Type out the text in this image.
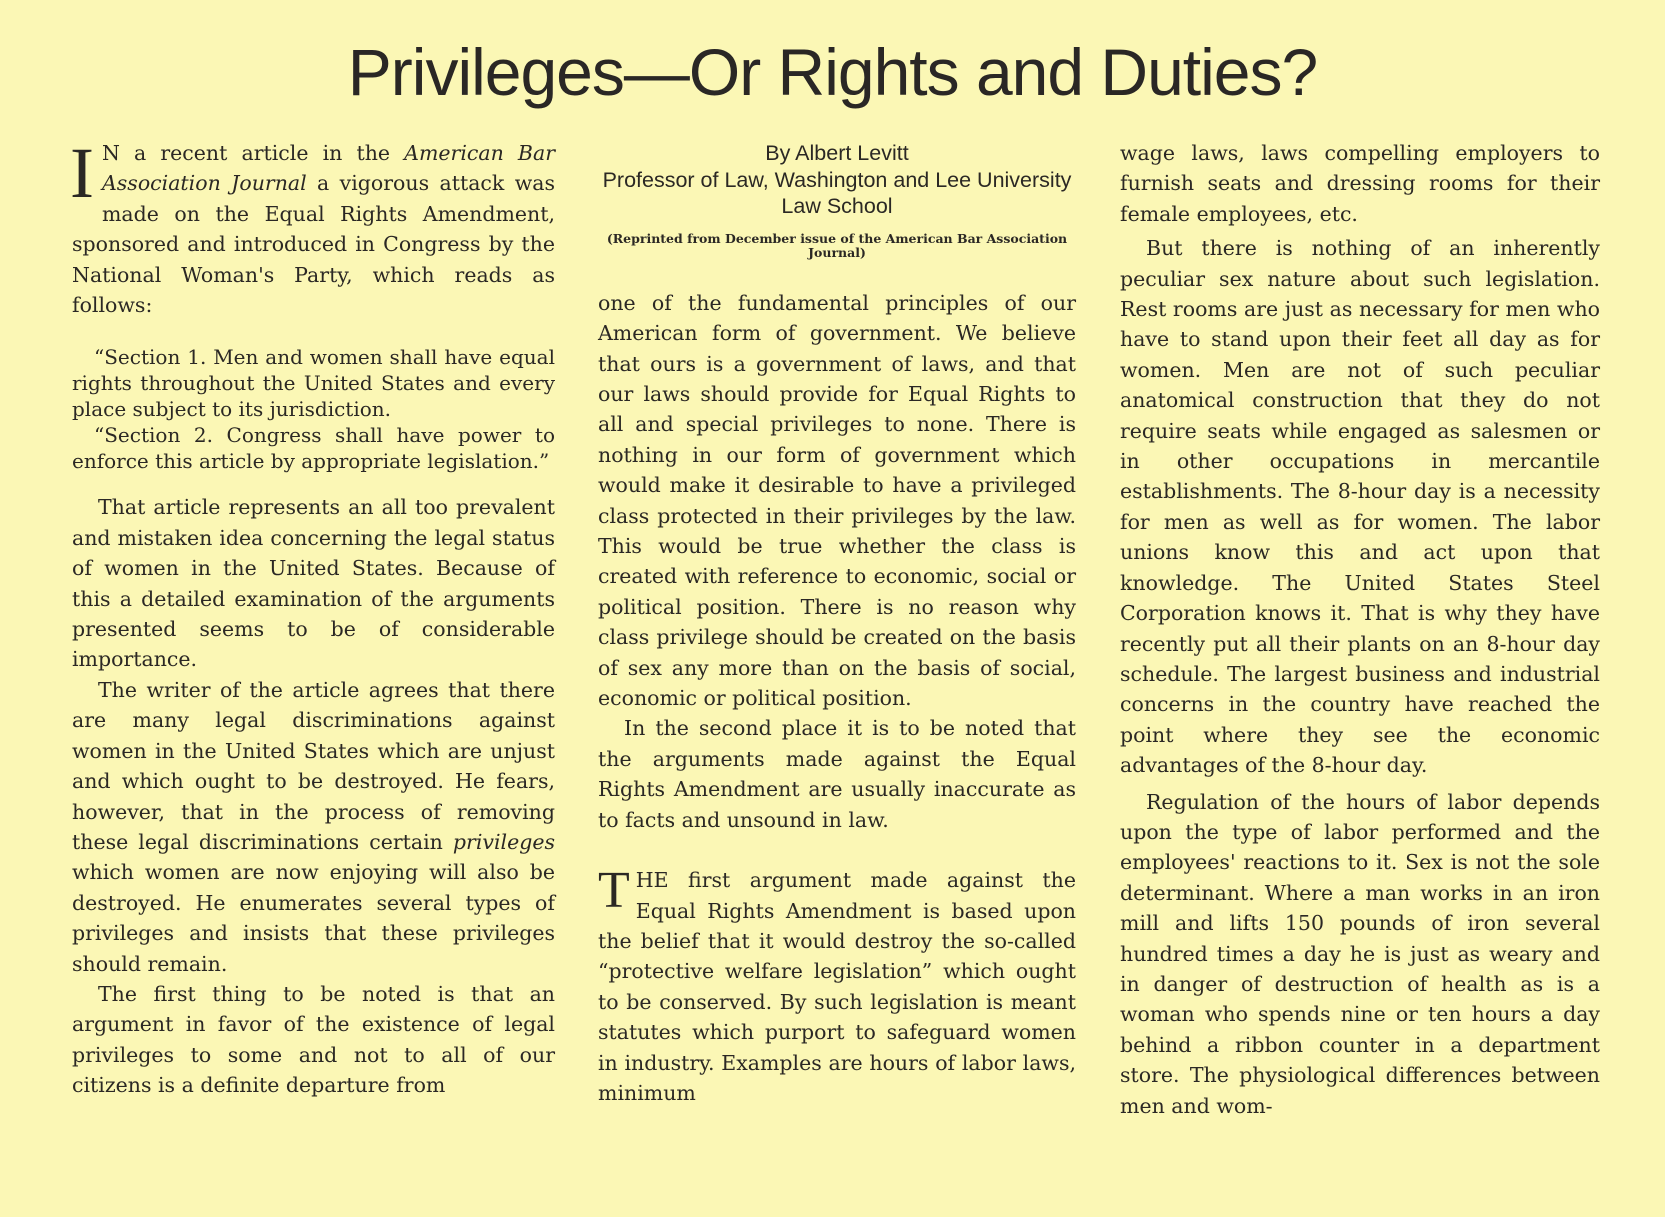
Privileges—Or Rights and Duties?

I N a recent article in the American Bar Association Journal a vigorous attack was made on the Equal Rights Amendment, sponsored and introduced in Congress by the National Woman's Party, which reads as follows:

“Section 1. Men and women shall have equal rights throughout the United States and every place subject to its jurisdiction.

“Section 2. Congress shall have power to enforce this article by appropriate legislation.”

That article represents an all too prevalent and mistaken idea concerning the legal status of women in the United States. Because of this a detailed examination of the arguments presented seems to be of considerable importance.

The writer of the article agrees that there are many legal discriminations against women in the United States which are unjust and which ought to be destroyed. He fears, however, that in the process of removing these legal discriminations certain privileges which women are now enjoying will also be destroyed. He enumerates several types of privileges and insists that these privileges should remain.

The first thing to be noted is that an argument in favor of the existence of legal privileges to some and not to all of our citizens is a definite departure from

By Albert Levitt
Professor of Law, Washington and Lee University Law School
(Reprinted from December issue of the American Bar Association Journal)

one of the fundamental principles of our American form of government. We believe that ours is a government of laws, and that our laws should provide for Equal Rights to all and special privileges to none. There is nothing in our form of government which would make it desirable to have a privileged class protected in their privileges by the law. This would be true whether the class is created with reference to economic, social or political position. There is no reason why class privilege should be created on the basis of sex any more than on the basis of social, economic or political position.

In the second place it is to be noted that the arguments made against the Equal Rights Amendment are usually inaccurate as to facts and unsound in law.

THE first argument made against the Equal Rights Amendment is based upon the belief that it would destroy the so-called “protective welfare legislation” which ought to be conserved. By such legislation is meant statutes which purport to safeguard women in industry. Examples are hours of labor laws, minimum

wage laws, laws compelling employers to furnish seats and dressing rooms for their female employees, etc.

But there is nothing of an inherently peculiar sex nature about such legislation. Rest rooms are just as necessary for men who have to stand upon their feet all day as for women. Men are not of such peculiar anatomical construction that they do not require seats while engaged as salesmen or in other occupations in mercantile establishments. The 8-hour day is a necessity for men as well as for women. The labor unions know this and act upon that knowledge. The United States Steel Corporation knows it. That is why they have recently put all their plants on an 8-hour day schedule. The largest business and industrial concerns in the country have reached the point where they see the economic advantages of the 8-hour day.

Regulation of the hours of labor depends upon the type of labor performed and the employees' reactions to it. Sex is not the sole determinant. Where a man works in an iron mill and lifts 150 pounds of iron several hundred times a day he is just as weary and in danger of destruction of health as is a woman who spends nine or ten hours a day behind a ribbon counter in a department store. The physiological differences between men and wom-
